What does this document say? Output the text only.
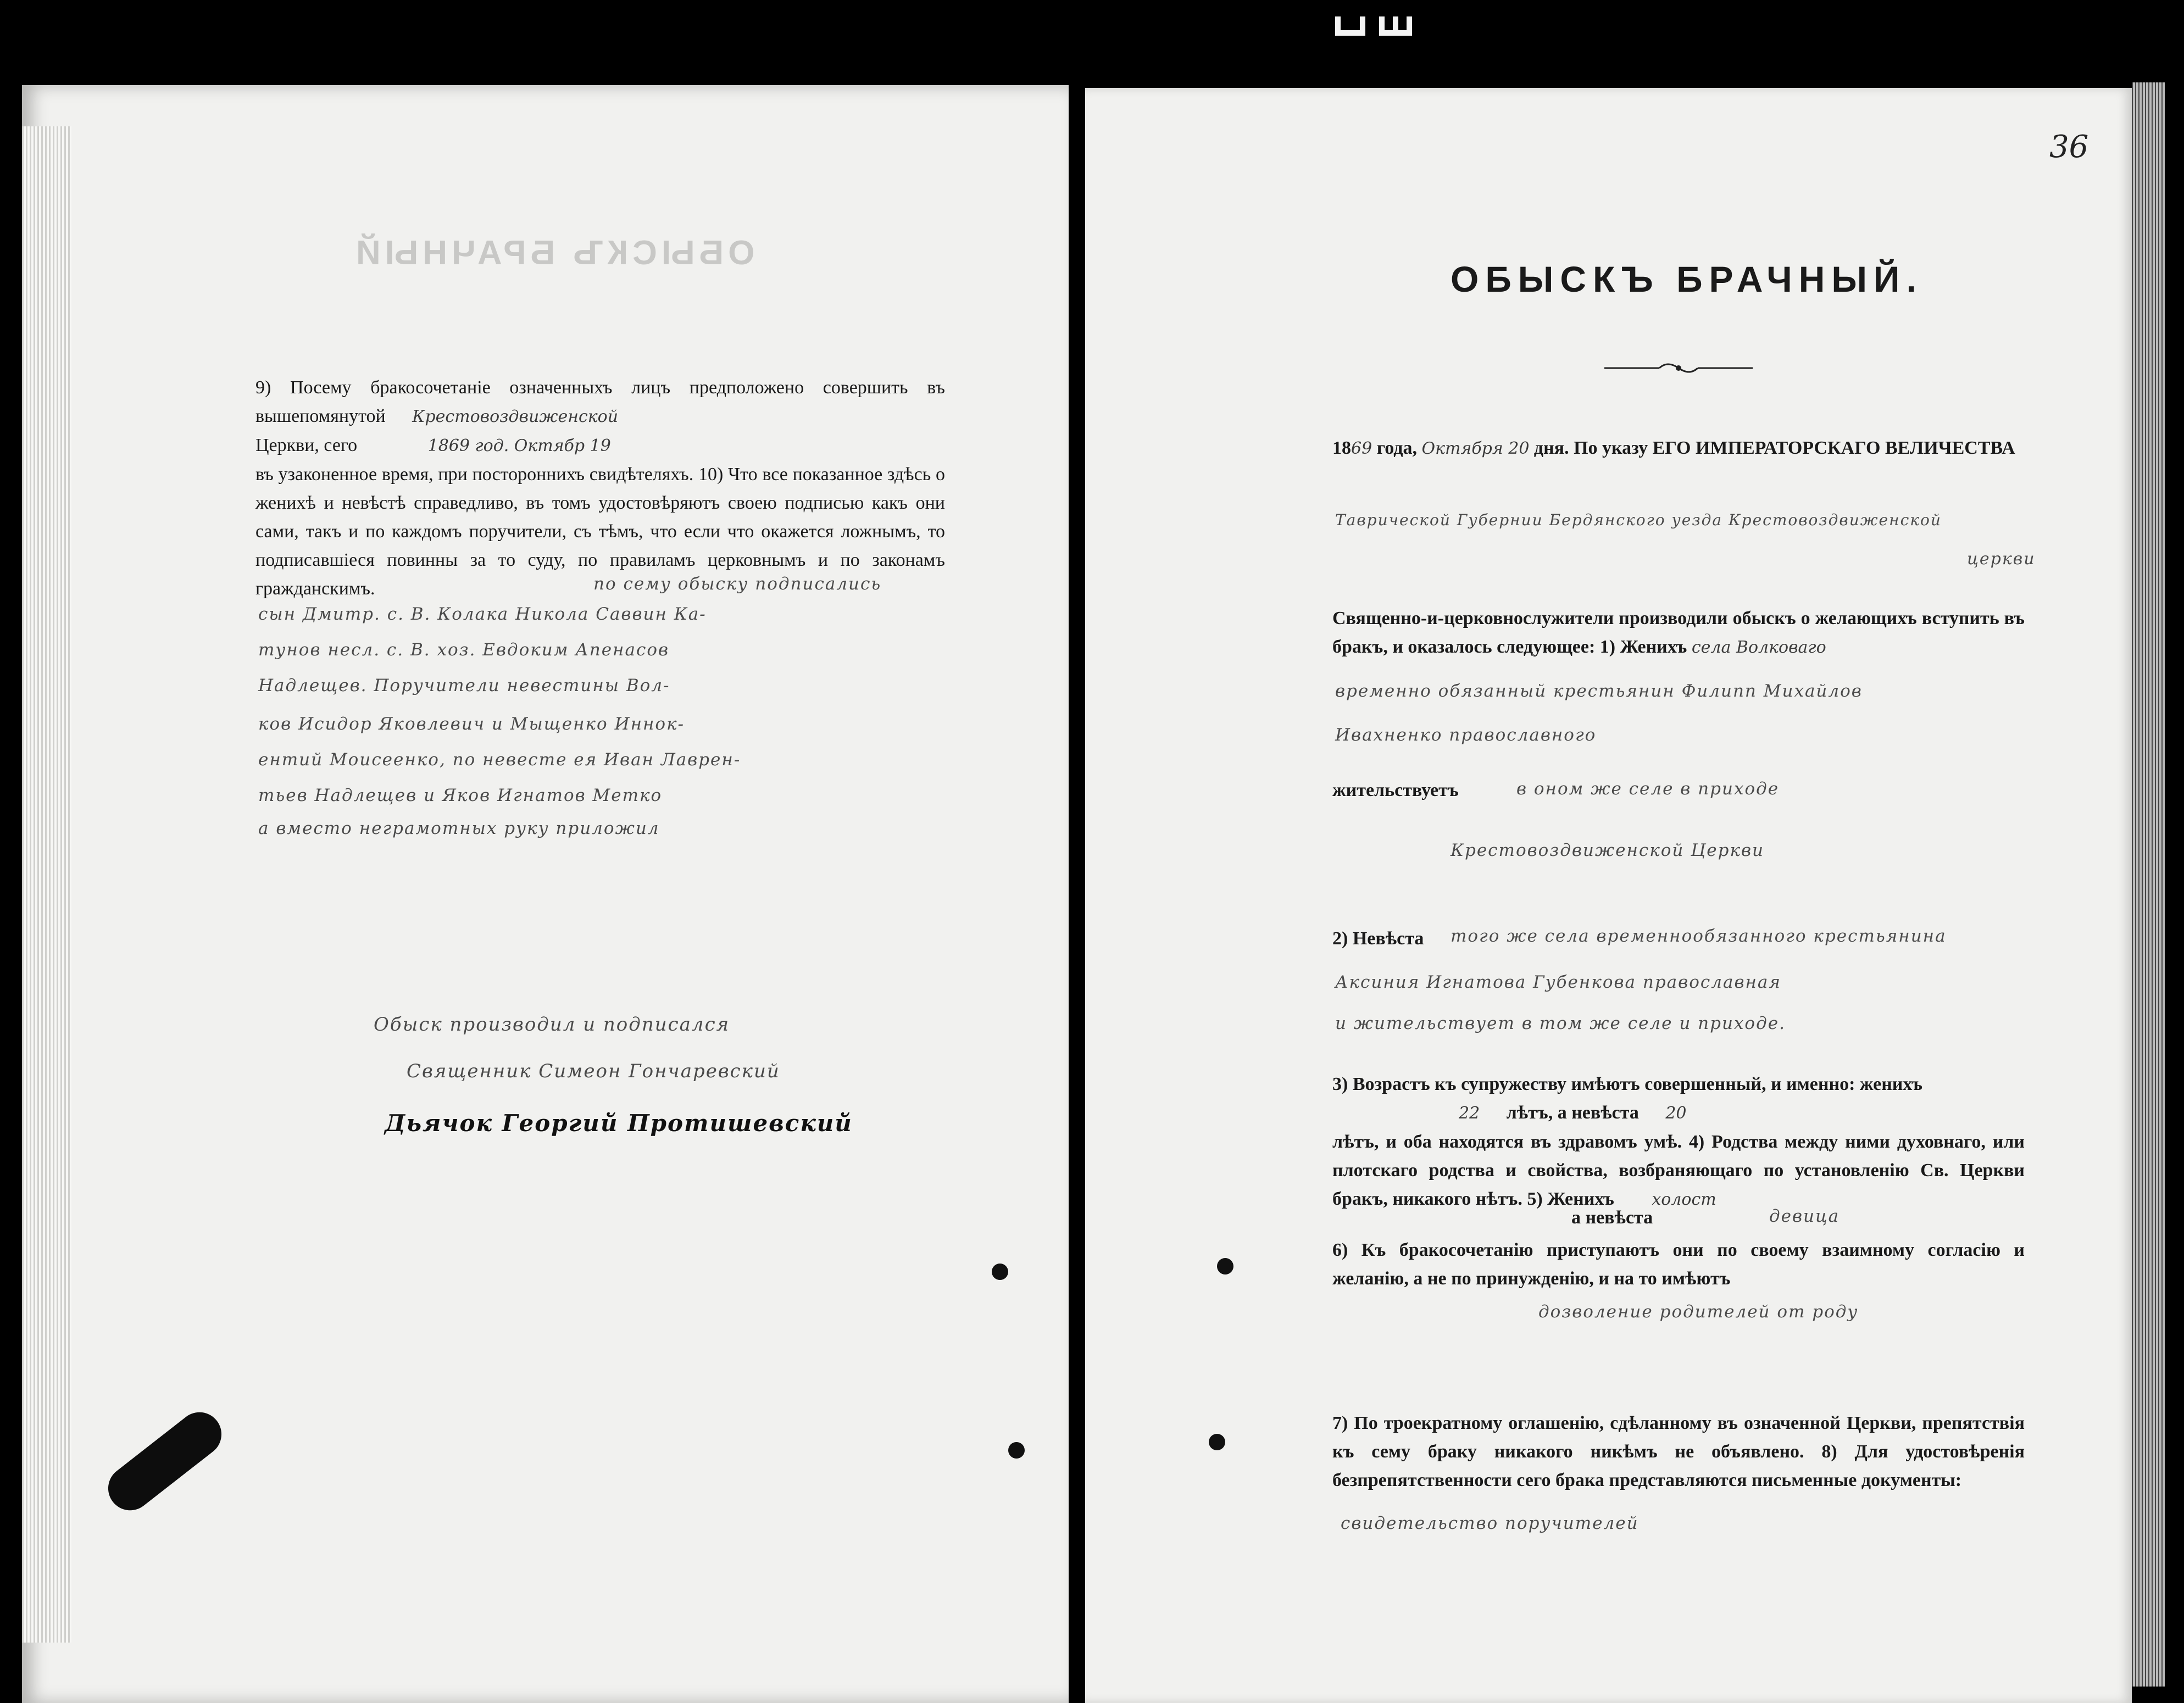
ОБЫСКЪ БРАЧНЫЙ
9) Посему бракосочетаніе означенныхъ лицъ предположено совершить въ вышепомянутой Крестовоздвиженской
Церкви, сего	1869 год. Октябр 19
въ узаконенное время, при постороннихъ свидѣтеляхъ. 10) Что все показанное здѣсь о женихѣ и невѣстѣ справедливо, въ томъ удостовѣряютъ своею подписью какъ они сами, такъ и по каждомъ поручители, съ тѣмъ, что если что окажется ложнымъ, то подписавшіеся повинны за то суду, по правиламъ церковнымъ и по законамъ гражданскимъ.	по сему обыску подписались
сын Дмитр. с. В. Колака Никола Саввин Ка-
тунов несл. с. В. хоз. Евдоким Апенасов
Надлещев. Поручители невестины Вол-
ков Исидор Яковлевич и Мыщенко Иннок-
ентий Моисеенко, по невесте ея Иван Лаврен-
тьев Надлещев и Яков Игнатов Метко
а вместо неграмотных руку приложил
Обыск производил и подписался
Священник Симеон Гончаревский
Дьячок Георгий Протишевский
36
ОБЫСКЪ БРАЧНЫЙ.
1869 года, Октября 20 дня. По указу ЕГО ИМПЕРАТОРСКАГО ВЕЛИЧЕСТВА
Таврической Губернии Бердянского уезда Крестовоздвиженской
церкви
Священно-и-церковнослужители производили обыскъ о желающихъ вступить въ бракъ, и оказалось следующее: 1) Женихъ села Волковаго
временно обязанный крестьянин Филипп Михайлов
Ивахненко православного
жительствуетъ	в оном же селе в приходе
Крестовоздвиженской Церкви
2) Невѣста того же села временнообязанного крестьянина
Аксиния Игнатова Губенкова православная
и жительствует в том же селе и приходе.
3) Возрастъ къ супружеству имѣютъ совершенный, и именно: женихъ
22 лѣтъ, а невѣста 20
лѣтъ, и оба находятся въ здравомъ умѣ. 4) Родства между ними духовнаго, или плотскаго родства и свойства, возбраняющаго по установленію Св. Церкви бракъ, никакого нѣтъ. 5) Женихъ холост
а невѣста	девица
6) Къ бракосочетанію приступаютъ они по своему взаимному согласію и желанію, а не по принужденію, и на то имѣютъ
дозволение родителей от роду
7) По троекратному оглашенію, сдѣланному въ означенной Церкви, препятствія къ сему браку никакого никѣмъ не объявлено. 8) Для удостовѣренія безпрепятственности сего брака представляются письменные документы:
свидетельство поручителей
